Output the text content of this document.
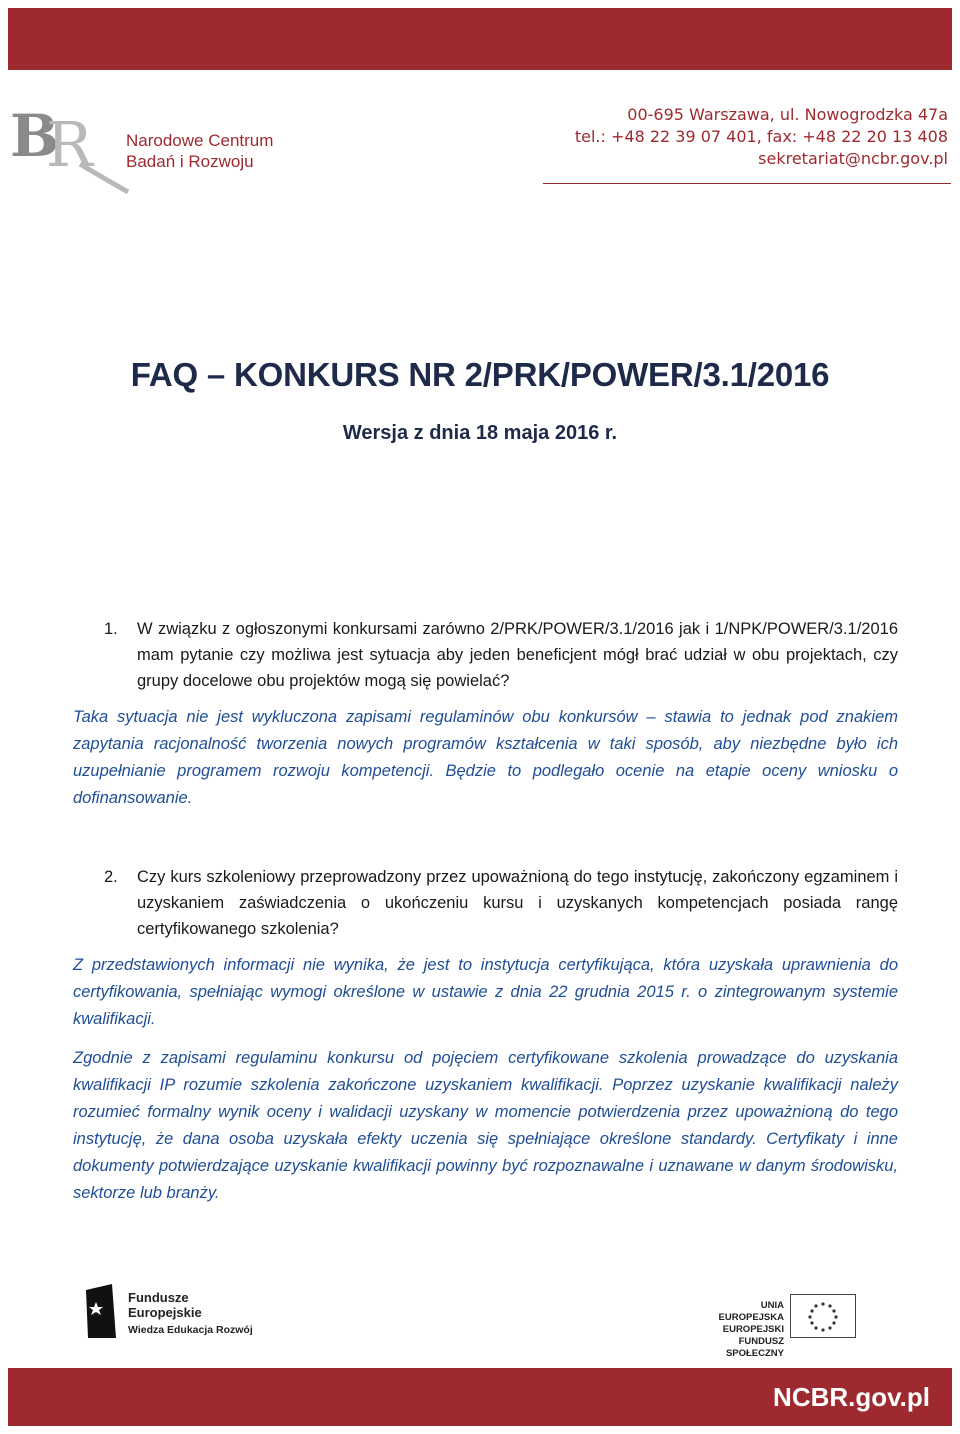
B
R Narodowe Centrum
Badań i Rozwoju
00-695 Warszawa, ul. Nowogrodzka 47a
tel.: +48 22 39 07 401, fax: +48 22 20 13 408
sekretariat@ncbr.gov.pl
FAQ – KONKURS NR 2/PRK/POWER/3.1/2016
Wersja z dnia 18 maja 2016 r.
1.	W związku z ogłoszonymi konkursami zarówno 2/PRK/POWER/3.1/2016 jak i 1/NPK/POWER/3.1/2016 mam pytanie czy możliwa jest sytuacja aby jeden beneficjent mógł brać udział w obu projektach, czy grupy docelowe obu projektów mogą się powielać?
Taka sytuacja nie jest wykluczona zapisami regulaminów obu konkursów – stawia to jednak pod znakiem zapytania racjonalność tworzenia nowych programów kształcenia w taki sposób, aby niezbędne było ich uzupełnianie programem rozwoju kompetencji. Będzie to podlegało ocenie na etapie oceny wniosku o dofinansowanie.
2.	Czy kurs szkoleniowy przeprowadzony przez upoważnioną do tego instytucję, zakończony egzaminem i uzyskaniem zaświadczenia o ukończeniu kursu i uzyskanych kompetencjach posiada rangę certyfikowanego szkolenia?
Z przedstawionych informacji nie wynika, że jest to instytucja certyfikująca, która uzyskała uprawnienia do certyfikowania, spełniając wymogi określone w ustawie z dnia 22 grudnia 2015 r. o zintegrowanym systemie kwalifikacji.
Zgodnie z zapisami regulaminu konkursu od pojęciem certyfikowane szkolenia prowadzące do uzyskania kwalifikacji IP rozumie szkolenia zakończone uzyskaniem kwalifikacji. Poprzez uzyskanie kwalifikacji należy rozumieć formalny wynik oceny i walidacji uzyskany w momencie potwierdzenia przez upoważnioną do tego instytucję, że dana osoba uzyskała efekty uczenia się spełniające określone standardy. Certyfikaty i inne dokumenty potwierdzające uzyskanie kwalifikacji powinny być rozpoznawalne i uznawane w danym środowisku, sektorze lub branży.
Fundusze
Europejskie
Wiedza Edukacja Rozwój
UNIA EUROPEJSKA
EUROPEJSKI
FUNDUSZ SPOŁECZNY
NCBR.gov.pl
